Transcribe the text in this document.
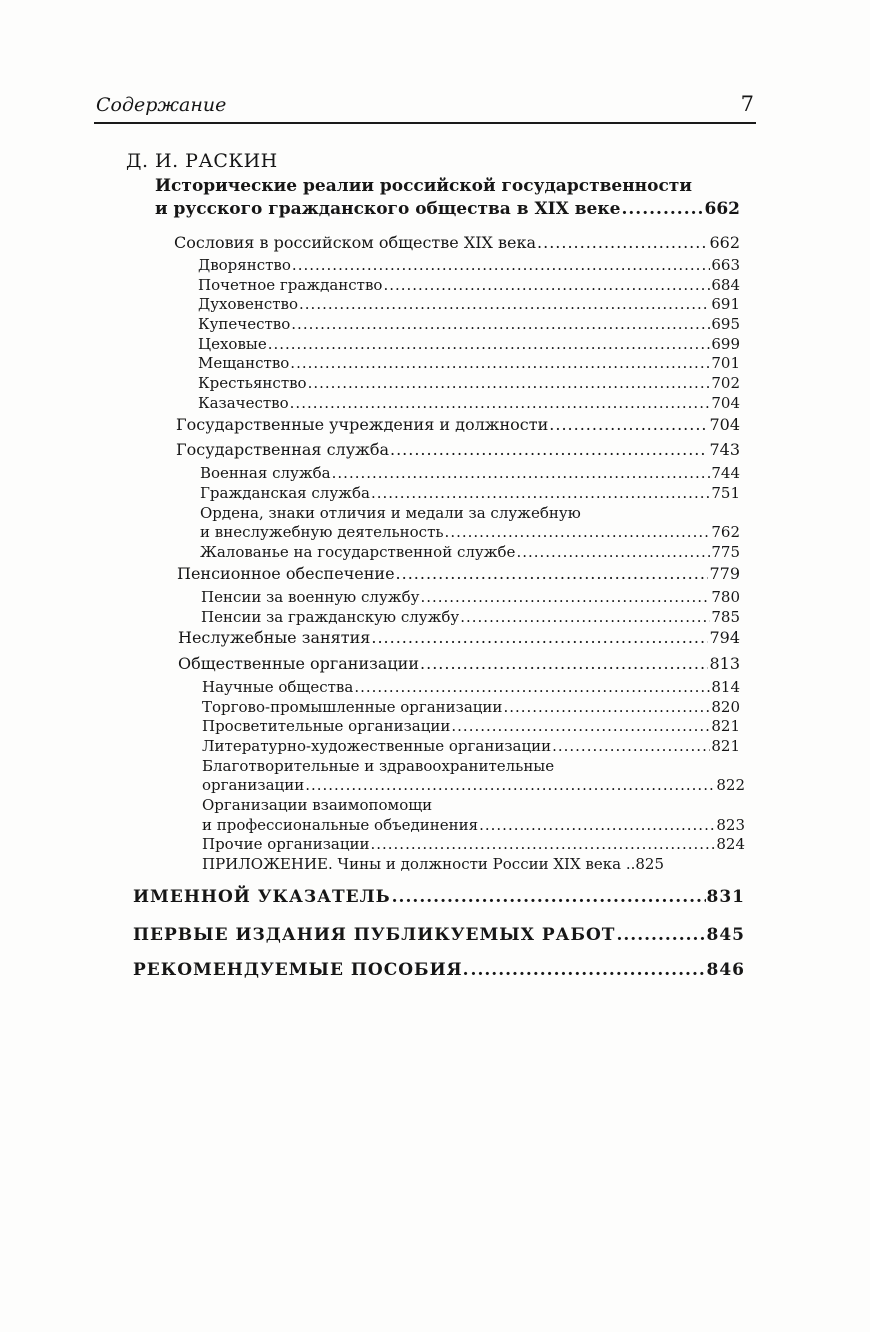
Содержание	7
Д. И. РАСКИН
Исторические реалии российской государственности
и русского гражданского общества в XIX веке .....	662
Сословия в российском обществе XIX века .....	662
Дворянство .....	663
Почетное гражданство .....	684
Духовенство .....	691
Купечество .....	695
Цеховые .....	699
Мещанство .....	701
Крестьянство .....	702
Казачество .....	704
Государственные учреждения и должности .....	704
Государственная служба .....	743
Военная служба .....	744
Гражданская служба .....	751
Ордена, знаки отличия и медали за служебную
и внеслужебную деятельность .....	762
Жалованье на государственной службе .....	775
Пенсионное обеспечение .....	779
Пенсии за военную службу .....	780
Пенсии за гражданскую службу .....	785
Неслужебные занятия .....	794
Общественные организации .....	813
Научные общества .....	814
Торгово-промышленные организации .....	820
Просветительные организации .....	821
Литературно-художественные организации .....	821
Благотворительные и здравоохранительные
организации .....	822
Организации взаимопомощи
и профессиональные объединения .....	823
Прочие организации .....	824
ПРИЛОЖЕНИЕ. Чины и должности России XIX века .. 825
ИМЕННОЙ УКАЗАТЕЛЬ .....	831
ПЕРВЫЕ ИЗДАНИЯ ПУБЛИКУЕМЫХ РАБОТ .....	845
РЕКОМЕНДУЕМЫЕ ПОСОБИЯ. .....	846
